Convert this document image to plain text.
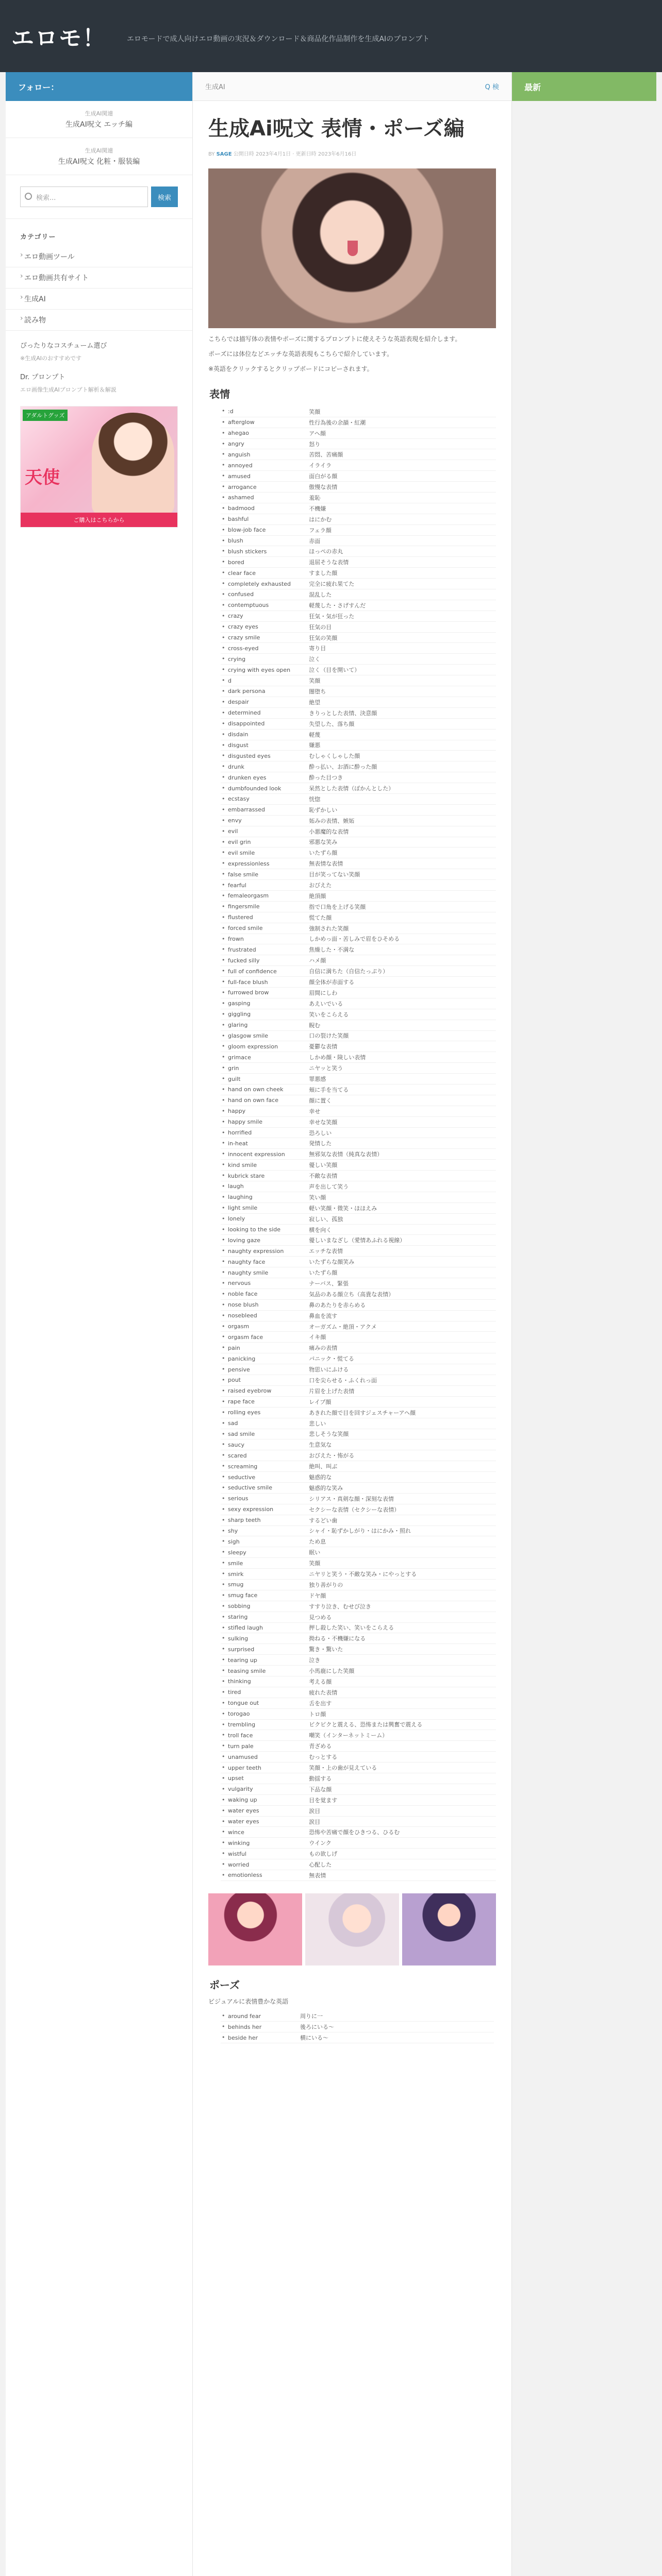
エロモ！	エロモードで成人向けエロ動画の実況＆ダウンロード＆商品化作品制作を生成AIのプロンプト
フォロー：
生成AI関連
生成AI呪文 エッチ編
生成AI関連
生成AI呪文 化粧・服装編
検索...	検索
カテゴリー
› エロ動画ツール
› エロ動画共有サイト
› 生成AI
› 読み物
ぴったりなコスチューム選び
※生成AIのおすすめです
Dr. プロンプト
エロ画像生成AIプロンプト解析＆解説
アダルトグッズ
天使
ご購入はこちらから
生成AI	Q 検
生成Ai呪文 表情・ポーズ編
BY SAGE 公開日時 2023年4月1日 · 更新日時 2023年6月16日

こちらでは描写体の表情やポーズに関するプロンプトに使えそうな英語表現を紹介します。

ポーズには体位などエッチな英語表現もこちらで紹介しています。

※英語をクリックするとクリップボードにコピーされます。

表情
• :d	笑顔
• afterglow	性行為後の余韻・紅潮
• ahegao	アヘ顔
• angry	怒り
• anguish	苦悶、苦痛顔
• annoyed	イライラ
• amused	面白がる顔
• arrogance	傲慢な表情
• ashamed	羞恥
• badmood	不機嫌
• bashful	はにかむ
• blow-job face	フェラ顔
• blush	赤面
• blush stickers	ほっぺの赤丸
• bored	退屈そうな表情
• clear face	すました顔
• completely exhausted	完全に疲れ果てた
• confused	混乱した
• contemptuous	軽蔑した・さげすんだ
• crazy	狂気・気が狂った
• crazy eyes	狂気の目
• crazy smile	狂気の笑顔
• cross-eyed	寄り目
• crying	泣く
• crying with eyes open	泣く（目を開いて）
• d	笑顔
• dark persona	闇堕ち
• despair	絶望
• determined	きりっとした表情、決意顔
• disappointed	失望した、落ち顔
• disdain	軽蔑
• disgust	嫌悪
• disgusted eyes	むしゃくしゃした顔
• drunk	酔っ払い、お酒に酔った顔
• drunken eyes	酔った目つき
• dumbfounded look	呆然とした表情（ぽかんとした）
• ecstasy	恍惚
• embarrassed	恥ずかしい
• envy	妬みの表情、嫉妬
• evil	小悪魔的な表情
• evil grin	邪悪な笑み
• evil smile	いたずら顔
• expressionless	無表情な表情
• false smile	目が笑ってない笑顔
• fearful	おびえた
• femaleorgasm	絶頂顔
• fingersmile	指で口角を上げる笑顔
• flustered	慌てた顔
• forced smile	強制された笑顔
• frown	しかめっ面・苦しみで眉をひそめる
• frustrated	焦燥した・不満な
• fucked silly	ハメ顔
• full of confidence	自信に満ちた（自信たっぷり）
• full-face blush	顔全体が赤面する
• furrowed brow	眉間にしわ
• gasping	あえいでいる
• giggling	笑いをこらえる
• glaring	睨む
• glasgow smile	口の裂けた笑顔
• gloom expression	憂鬱な表情
• grimace	しかめ顔・険しい表情
• grin	ニヤッと笑う
• guilt	罪悪感
• hand on own cheek	頬に手を当てる
• hand on own face	顔に置く
• happy	幸せ
• happy smile	幸せな笑顔
• horrified	恐ろしい
• in-heat	発情した
• innocent expression	無邪気な表情（純真な表情）
• kind smile	優しい笑顔
• kubrick stare	不敵な表情
• laugh	声を出して笑う
• laughing	笑い顔
• light smile	軽い笑顔・微笑・ほほえみ
• lonely	寂しい、孤独
• looking to the side	横を向く
• loving gaze	優しいまなざし（愛情あふれる視線）
• naughty expression	エッチな表情
• naughty face	いたずらな顔笑み
• naughty smile	いたずら顔
• nervous	ナーバス、緊張
• noble face	気品のある顔立ち（高貴な表情）
• nose blush	鼻のあたりを赤らめる
• nosebleed	鼻血を流す
• orgasm	オーガズム・絶頂・アクメ
• orgasm face	イキ顔
• pain	痛みの表情
• panicking	パニック・慌てる
• pensive	物思いにふける
• pout	口を尖らせる・ふくれっ面
• raised eyebrow	片眉を上げた表情
• rape face	レイプ顔
• rolling eyes	あきれた顔で目を回すジェスチャーアヘ顔
• sad	悲しい
• sad smile	悲しそうな笑顔
• saucy	生意気な
• scared	おびえた・怖がる
• screaming	絶叫、叫ぶ
• seductive	魅惑的な
• seductive smile	魅惑的な笑み
• serious	シリアス・真剣な顔・深刻な表情
• sexy expression	セクシーな表情（セクシーな表情）
• sharp teeth	するどい歯
• shy	シャイ・恥ずかしがり・はにかみ・照れ
• sigh	ため息
• sleepy	眠い
• smile	笑顔
• smirk	ニヤリと笑う・不敵な笑み・にやっとする
• smug	独り善がりの
• smug face	ドヤ顔
• sobbing	すすり泣き、むせび泣き
• staring	見つめる
• stifled laugh	押し殺した笑い、笑いをこらえる
• sulking	拗ねる・不機嫌になる
• surprised	驚き・驚いた
• tearing up	泣き
• teasing smile	小馬鹿にした笑顔
• thinking	考える顔
• tired	疲れた表情
• tongue out	舌を出す
• torogao	トロ顔
• trembling	ビクビクと震える、恐怖または興奮で震える
• troll face	嘲笑（インターネットミーム）
• turn pale	青ざめる
• unamused	むっとする
• upper teeth	笑顔・上の歯が見えている
• upset	動揺する
• vulgarity	下品な顔
• waking up	目を覚ます
• water eyes	涙目
• water eyes	涙目
• wince	恐怖や苦痛で顔をひきつる、ひるむ
• winking	ウインク
• wistful	もの欲しげ
• worried	心配した
• emotionless	無表情
ポーズ
ビジュアルに表情豊かな英語
• around fear	周りに一
• behinds her	後ろにいる〜
• beside her	横にいる〜
最新
